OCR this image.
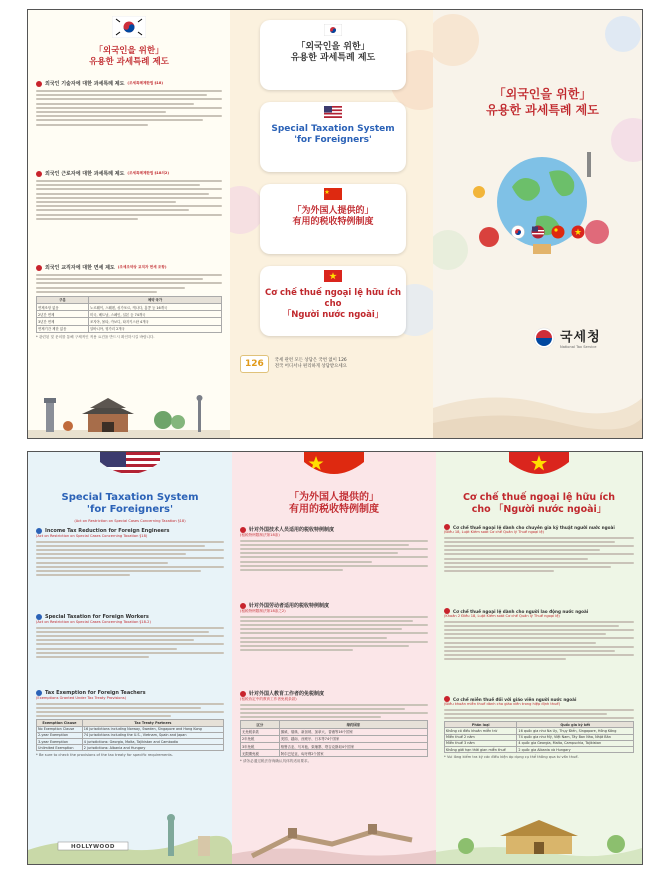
「외국인을 위한」
유용한 과세특례 제도
외국인 기술자에 대한 과세특례 제도 (조세특례제한법 §18)
외국인 근로자에 대한 과세특례 제도 (조세특례제한법 §18의2)
외국인 교직자에 대한 면세 제도 (조세조약상 교직자 면세 조항)
구분	체약 국가
면제조항 없음	노르웨이, 스웨덴, 싱가포르, 캐나다, 홍콩 등 16개국
2년간 면제	미국, 베트남, 스페인, 일본 등 74개국
3년간 면제	조지아, 몰타, 카보디, 타지키스탄 4개국
면제기간 제한 없음	알바니아, 헝가리 2개국
* 관련된 및 문의를 통해 구체적인 적용 요건을 반드시 확인하시길 바랍니다.
「외국인을 위한」
유용한 과세특례 제도
Special Taxation System
'for Foreigners'
「为外国人提供的」
有用的税收特例制度
Cơ chế thuế ngoại lệ hữu ích cho
「Người nước ngoài」
126	국세 관련 모든 상담은 국번 없이 126
전국 어디서나 편리하게 상담받으세요

「외국인을 위한」
유용한 과세특례 제도

국세청
National Tax Service
Special Taxation System
'for Foreigners'
(Act on Restriction on Special Cases Concerning Taxation §18)
Income Tax Reduction for Foreign Engineers
(Act on Restriction on Special Cases Concerning Taxation §18)
Special Taxation for Foreign Workers
(Act on Restriction on Special Cases Concerning Taxation §18-2)
Tax Exemption for Foreign Teachers
(Exemptions Granted Under Tax Treaty Provisions)
Exemption Clause	Tax Treaty Partners
No Exemption Clause	16 jurisdictions including Norway, Sweden, Singapore and Hong Kong
2-year Exemption	74 jurisdictions including the U.S., Vietnam, Spain and Japan
3-year Exemption	4 jurisdictions: Georgia, Malta, Tajikistan and Cambodia
Unlimited Exemption	2 jurisdictions: Albania and Hungary
* Be sure to check the provisions of the tax treaty for specific requirements.
HOLLYWOOD
「为外国人提供的」
有用的税收特例制度
针对外国技术人员适用的税收特例制度
(租税特例限制法第18条)
针对外国劳动者适用的税收特例制度
(租税特例限制法第18条之2)
针对外国人教育工作者的免税制度
(租税协定中的教育工作者免税条款)
区分	缔约国家
无免税条款	挪威、瑞典、新加坡、加拿大、香港等16个国家
2年免税	美国、越南、西班牙、日本等74个国家
3年免税	格鲁吉亚、马耳他、柬埔寨、塔吉克斯坦4个国家
无限期免税	阿尔巴尼亚、匈牙利2个国家
* 请务必通过税法咨询确认具体的适用要求。
Cơ chế thuế ngoại lệ hữu ích
cho 「Người nước ngoài」
Cơ chế thuế ngoại lệ dành cho chuyên gia kỹ thuật người nước ngoài
(Điều 18, Luật Kiểm soát Cơ chế Quản lý Thuế ngoại lệ)
Cơ chế thuế ngoại lệ dành cho người lao động nước ngoài
(Khoản 2 Điều 18, Luật Kiểm soát Cơ chế Quản lý Thuế ngoại lệ)
Cơ chế miễn thuế đối với giáo viên người nước ngoài
(Điều khoản miễn thuế dành cho giáo viên trong hiệp định thuế)
Phân loại	Quốc gia ký kết
Không có điều khoản miễn trừ	16 quốc gia như Na Uy, Thụy Điển, Singapore, Hồng Kông
Miễn thuế 2 năm	74 quốc gia như Mỹ, Việt Nam, Tây Ban Nha, Nhật Bản
Miễn thuế 3 năm	4 quốc gia Georgia, Malta, Campuchia, Tajikistan
Không giới hạn thời gian miễn thuế	2 quốc gia Albania và Hungary
* Vui lòng kiểm tra kỹ các điều kiện áp dụng cụ thể thông qua tư vấn thuế.
